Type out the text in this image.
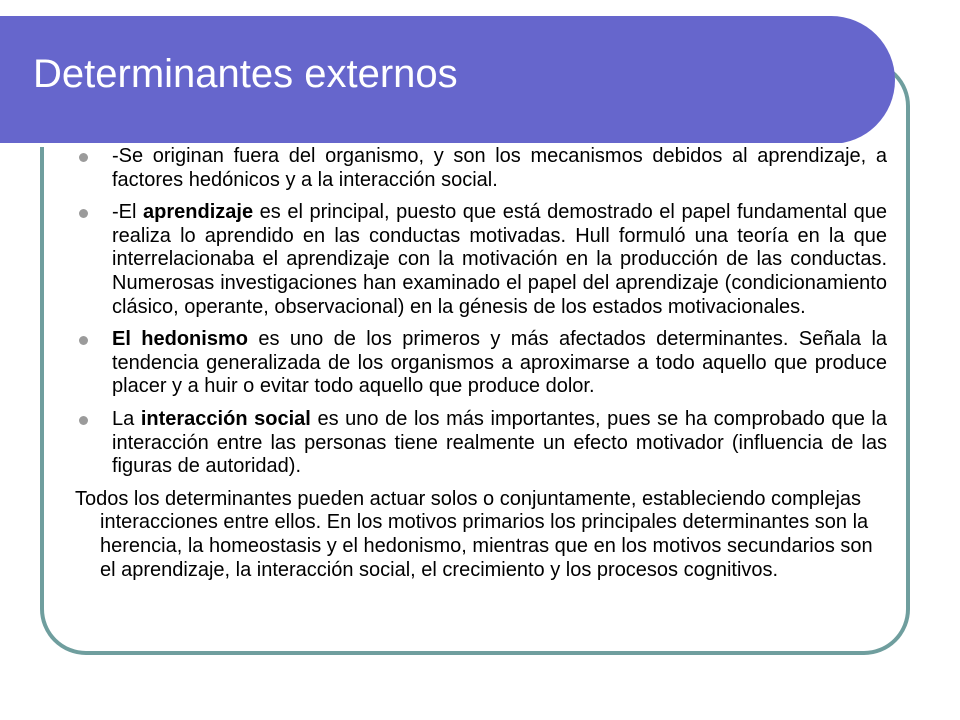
Determinantes externos
-Se originan fuera del organismo, y son los mecanismos debidos al aprendizaje, a factores hedónicos y a la interacción social.
-El aprendizaje es el principal, puesto que está demostrado el papel fundamental que realiza lo aprendido en las conductas motivadas. Hull formuló una teoría en la que interrelacionaba el aprendizaje con la motivación en la producción de las conductas. Numerosas investigaciones han examinado el papel del aprendizaje (condicionamiento clásico, operante, observacional) en la génesis de los estados motivacionales.
El hedonismo es uno de los primeros y más afectados determinantes. Señala la tendencia generalizada de los organismos a aproximarse a todo aquello que produce placer y a huir o evitar todo aquello que produce dolor.
La interacción social es uno de los más importantes, pues se ha comprobado que la interacción entre las personas tiene realmente un efecto motivador (influencia de las figuras de autoridad).

Todos los determinantes pueden actuar solos o conjuntamente, estableciendo complejas interacciones entre ellos. En los motivos primarios los principales determinantes son la herencia, la homeostasis y el hedonismo, mientras que en los motivos secundarios son el aprendizaje, la interacción social, el crecimiento y los procesos cognitivos.
